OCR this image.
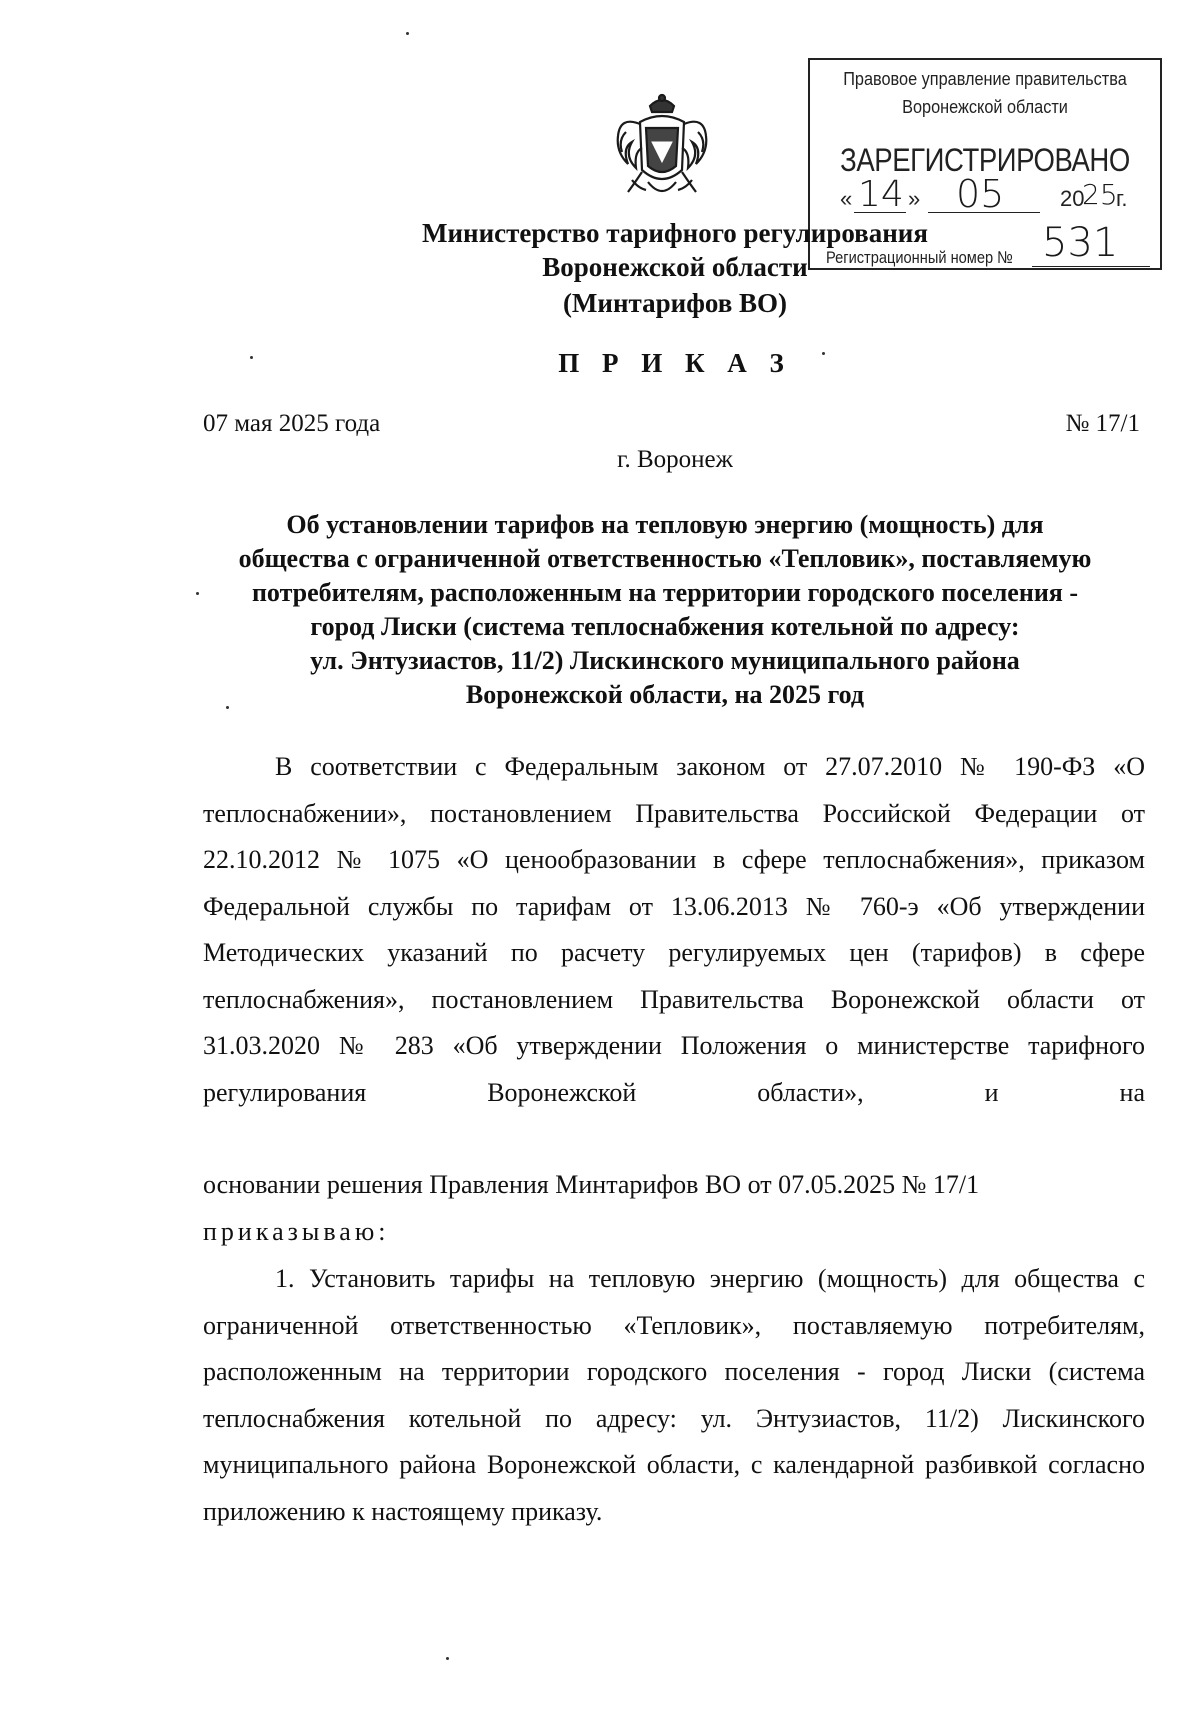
Правовое управление правительства
Воронежской области
ЗАРЕГИСТРИРОВАНО
« 14 » 05	20
25
г.
Регистрационный номер № 531
Министерство тарифного регулирования
Воронежской области
(Минтарифов ВО)
П Р И К А З
07 мая 2025 года	№ 17/1
г. Воронеж
Об установлении тарифов на тепловую энергию (мощность) для
общества с ограниченной ответственностью «Тепловик», поставляемую
потребителям, расположенным на территории городского поселения -
город Лиски (система теплоснабжения котельной по адресу:
ул. Энтузиастов, 11/2) Лискинского муниципального района
Воронежской области, на 2025 год
В соответствии с Федеральным законом от 27.07.2010 № 190-ФЗ «О теплоснабжении», постановлением Правительства Российской Федерации от 22.10.2012 № 1075 «О ценообразовании в сфере теплоснабжения», приказом Федеральной службы по тарифам от 13.06.2013 № 760-э «Об утверждении Методических указаний по расчету регулируемых цен (тарифов) в сфере теплоснабжения», постановлением Правительства Воронежской области от 31.03.2020 № 283 «Об утверждении Положения о министерстве тарифного регулирования Воронежской области», и на
основании решения Правления Минтарифов ВО от 07.05.2025 № 17/1
приказываю:
1. Установить тарифы на тепловую энергию (мощность) для общества с ограниченной ответственностью «Тепловик», поставляемую потребителям, расположенным на территории городского поселения - город Лиски (система теплоснабжения котельной по адресу: ул. Энтузиастов, 11/2) Лискинского муниципального района Воронежской области, с календарной разбивкой согласно приложению к настоящему приказу.
